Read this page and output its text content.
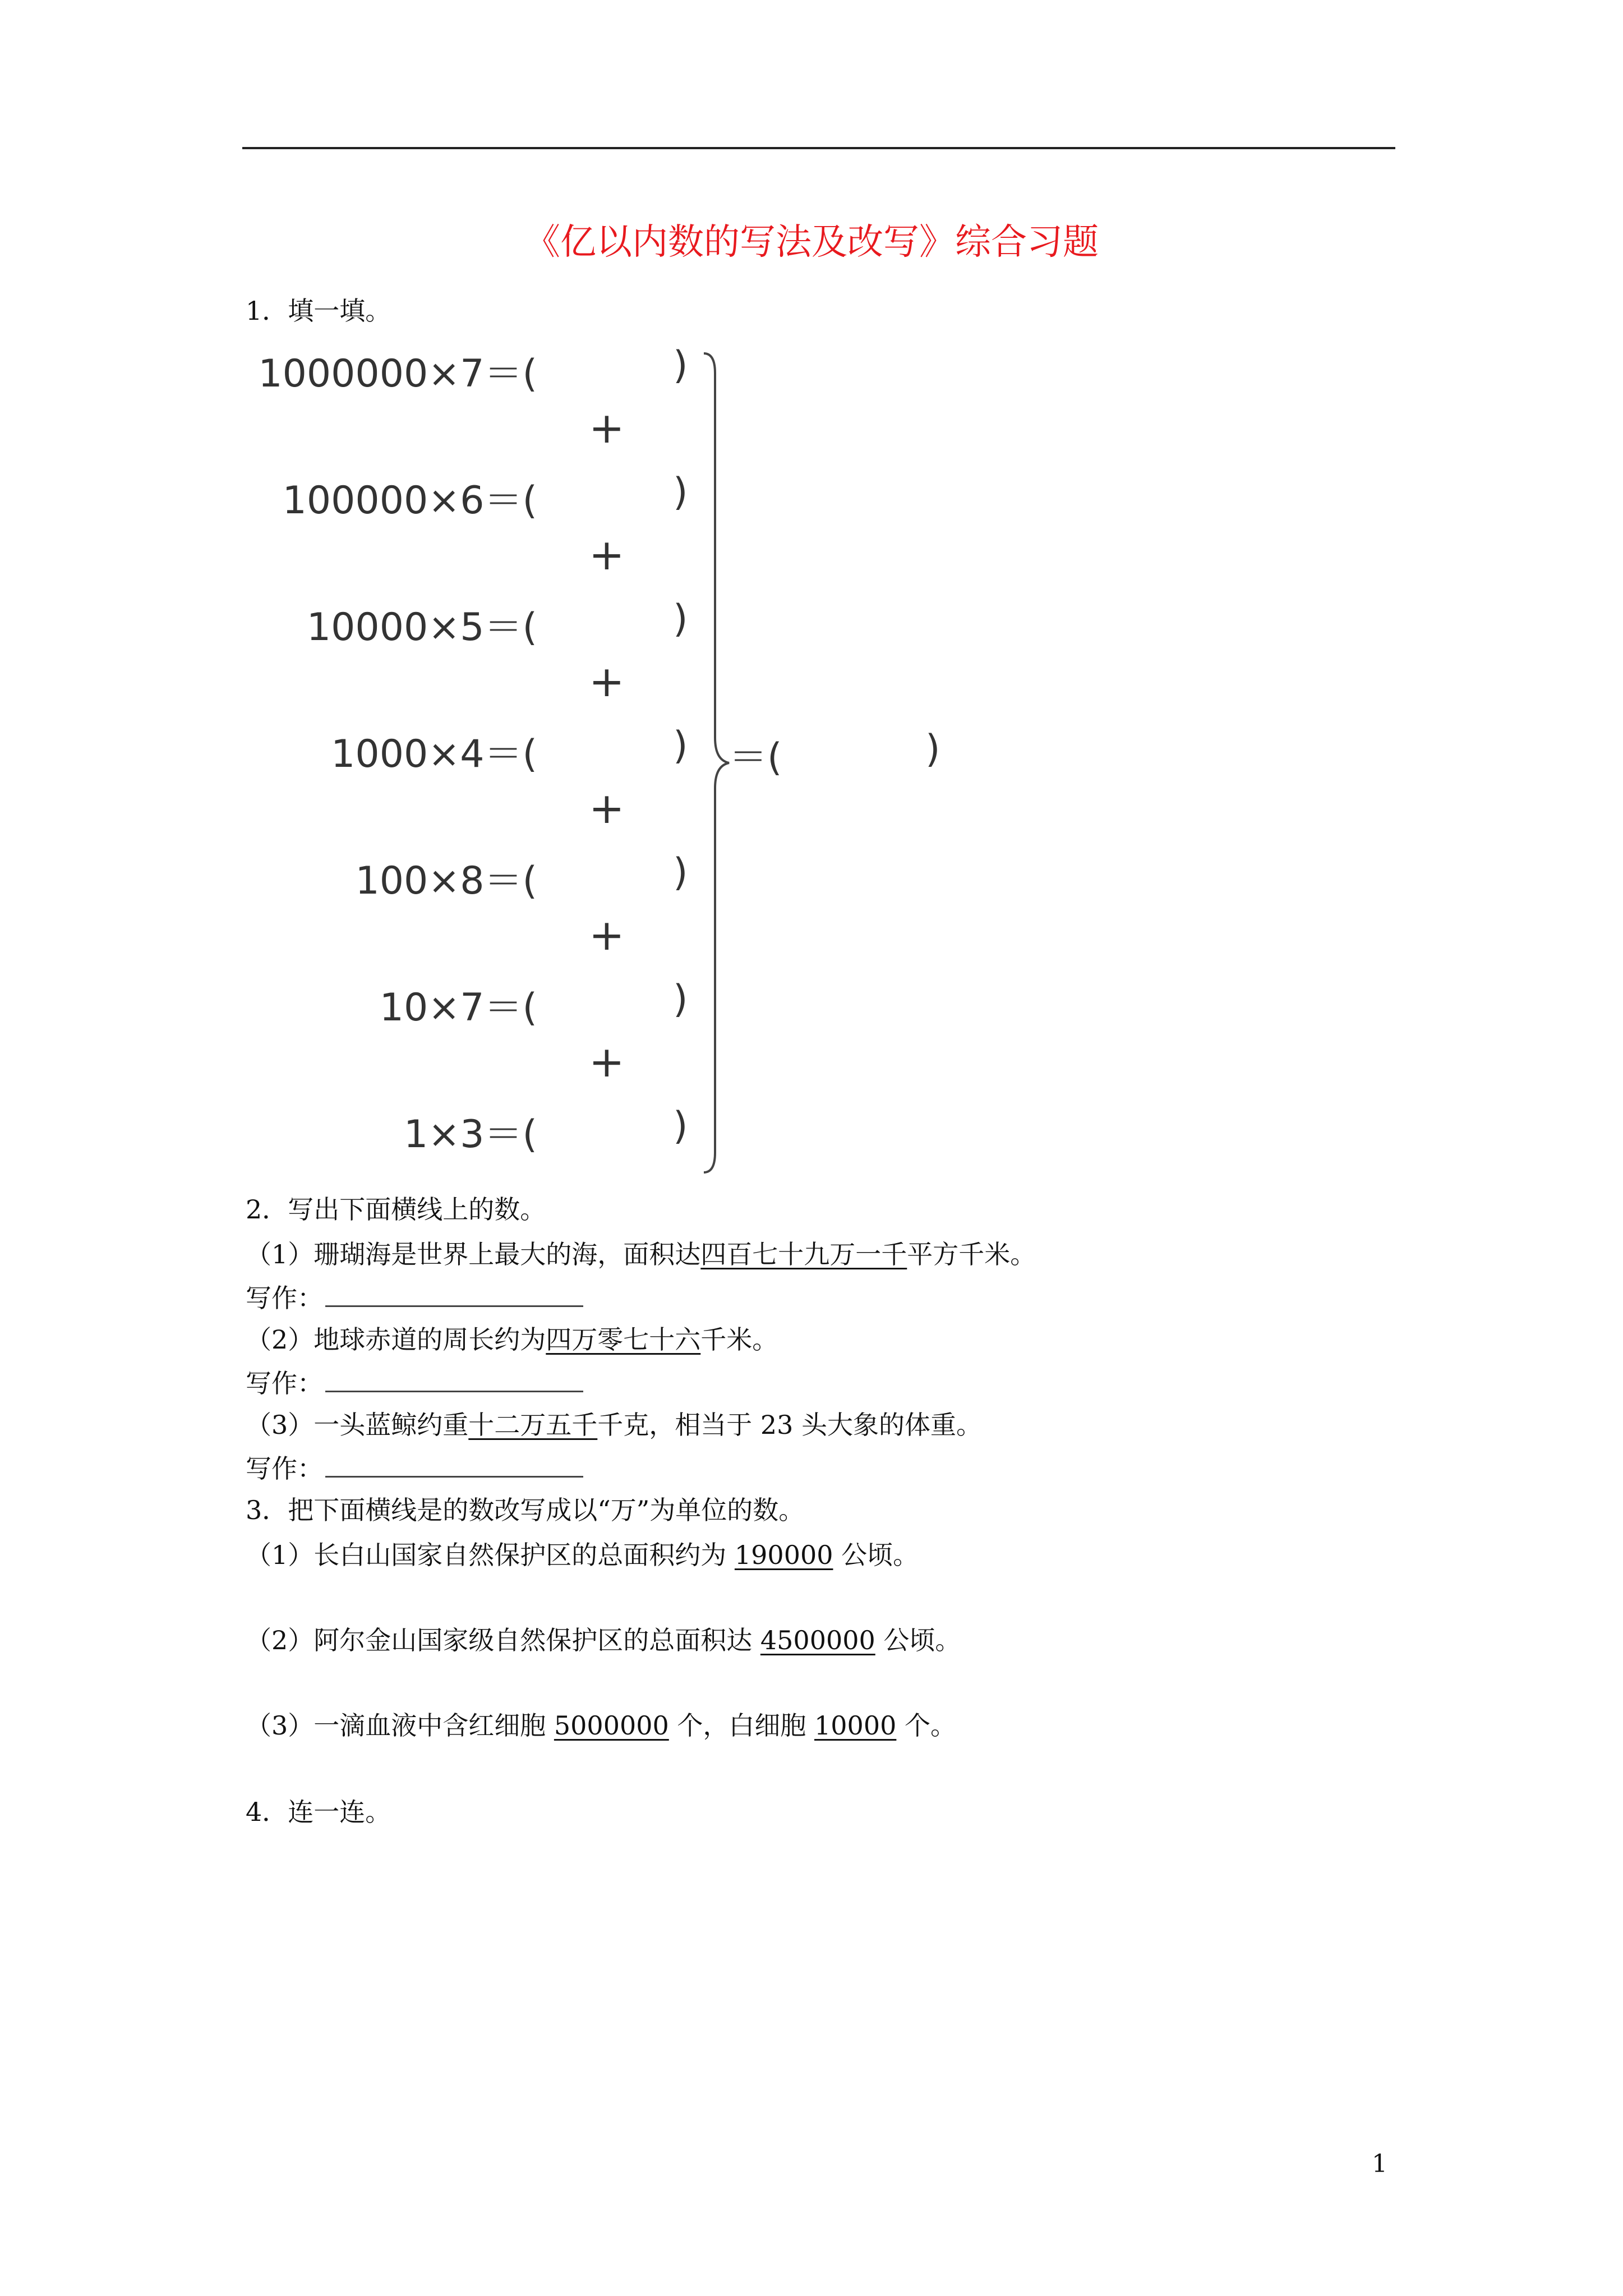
《亿以内数的写法及改写》综合习题
1．填一填。
1000000×7＝(	)
+
100000×6＝(	)
+
10000×5＝(	)
+
1000×4＝(	)
+
100×8＝(	)
+
10×7＝(	)
+
1×3＝(	)
＝(	)
2．写出下面横线上的数。
（1）珊瑚海是世界上最大的海，面积达四百七十九万一千平方千米。
写作：
（2）地球赤道的周长约为四万零七十六千米。
写作：
（3）一头蓝鲸约重十二万五千千克，相当于 23 头大象的体重。
写作：
3．把下面横线是的数改写成以“万”为单位的数。
（1）长白山国家自然保护区的总面积约为 190000 公顷。
（2）阿尔金山国家级自然保护区的总面积达 4500000 公顷。
（3）一滴血液中含红细胞 5000000 个，白细胞 10000 个。
4．连一连。
1
